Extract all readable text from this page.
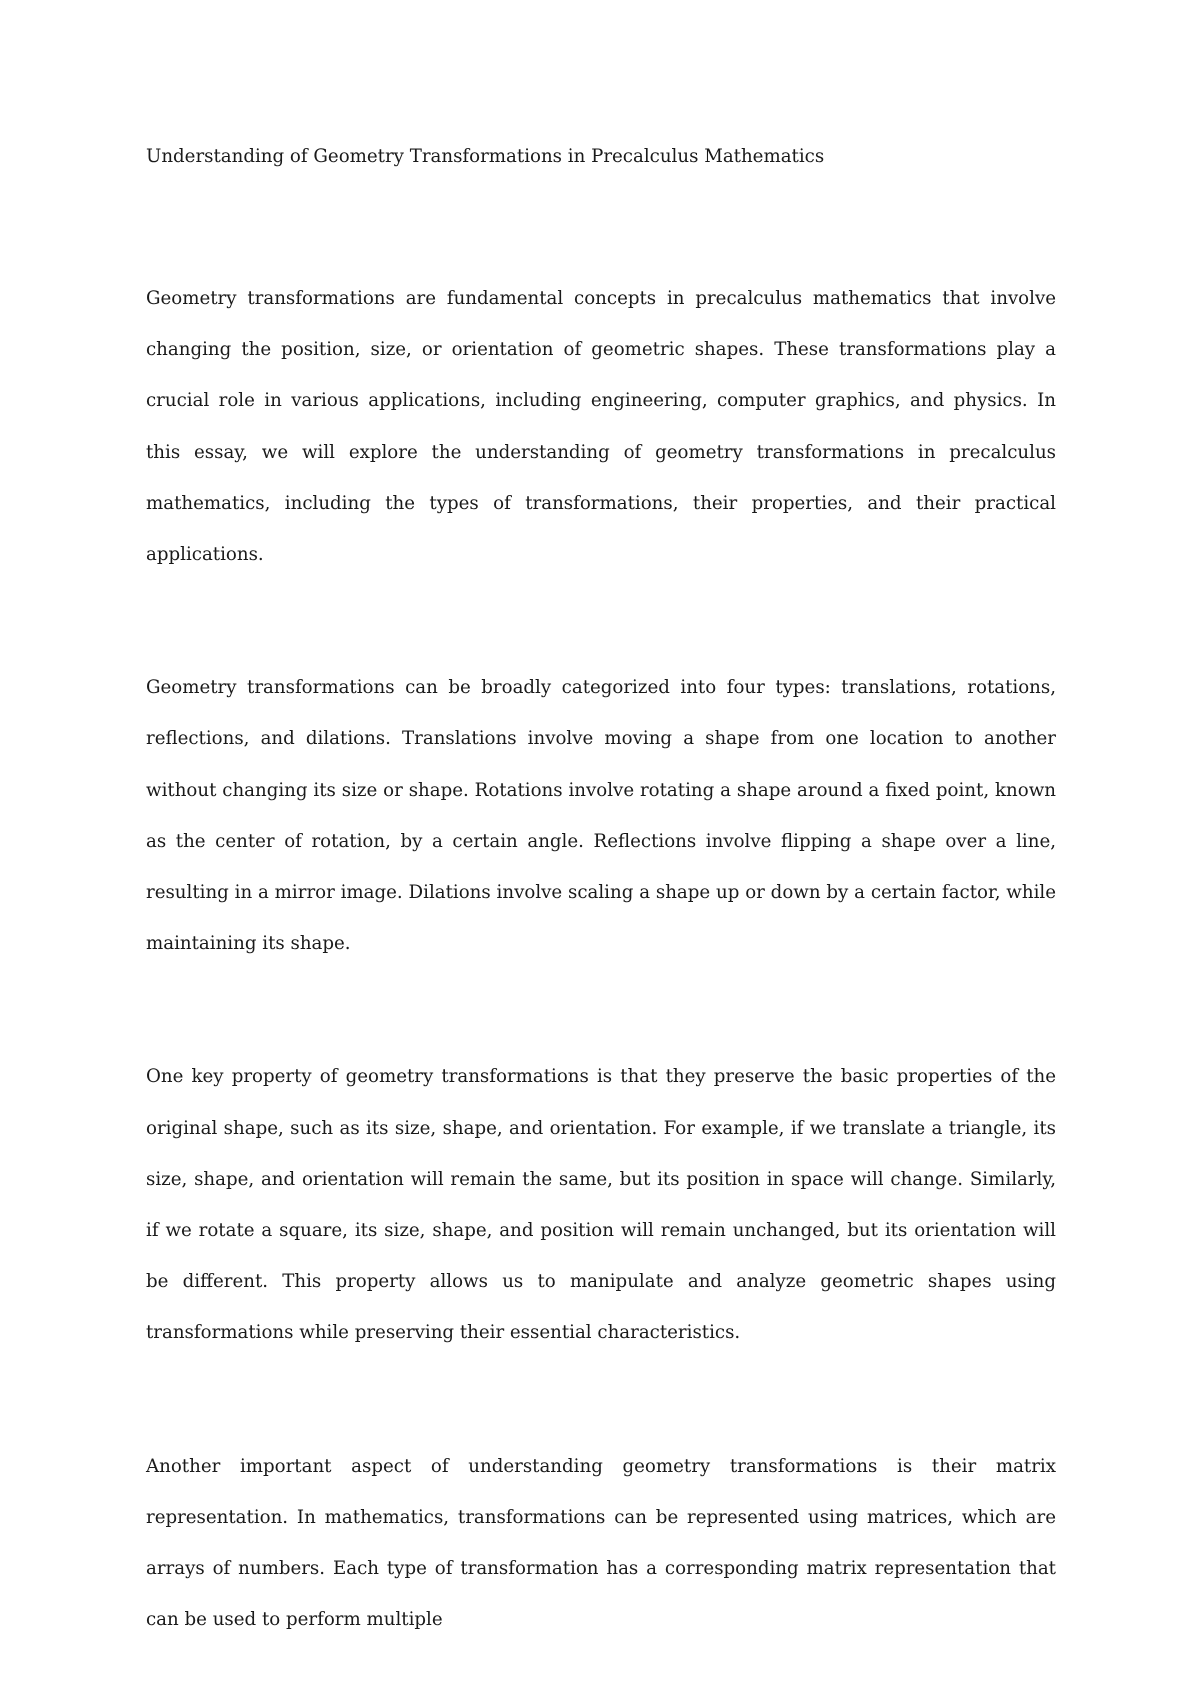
Understanding of Geometry Transformations in Precalculus Mathematics

Geometry transformations are fundamental concepts in precalculus mathematics that involve changing the position, size, or orientation of geometric shapes. These transformations play a crucial role in various applications, including engineering, computer graphics, and physics. In this essay, we will explore the understanding of geometry transformations in precalculus mathematics, including the types of transformations, their properties, and their practical applications.

Geometry transformations can be broadly categorized into four types: translations, rotations, reflections, and dilations. Translations involve moving a shape from one location to another without changing its size or shape. Rotations involve rotating a shape around a fixed point, known as the center of rotation, by a certain angle. Reflections involve flipping a shape over a line, resulting in a mirror image. Dilations involve scaling a shape up or down by a certain factor, while maintaining its shape.

One key property of geometry transformations is that they preserve the basic properties of the original shape, such as its size, shape, and orientation. For example, if we translate a triangle, its size, shape, and orientation will remain the same, but its position in space will change. Similarly, if we rotate a square, its size, shape, and position will remain unchanged, but its orientation will be different. This property allows us to manipulate and analyze geometric shapes using transformations while preserving their essential characteristics.

Another important aspect of understanding geometry transformations is their matrix representation. In mathematics, transformations can be represented using matrices, which are arrays of numbers. Each type of transformation has a corresponding matrix representation that can be used to perform multiple
